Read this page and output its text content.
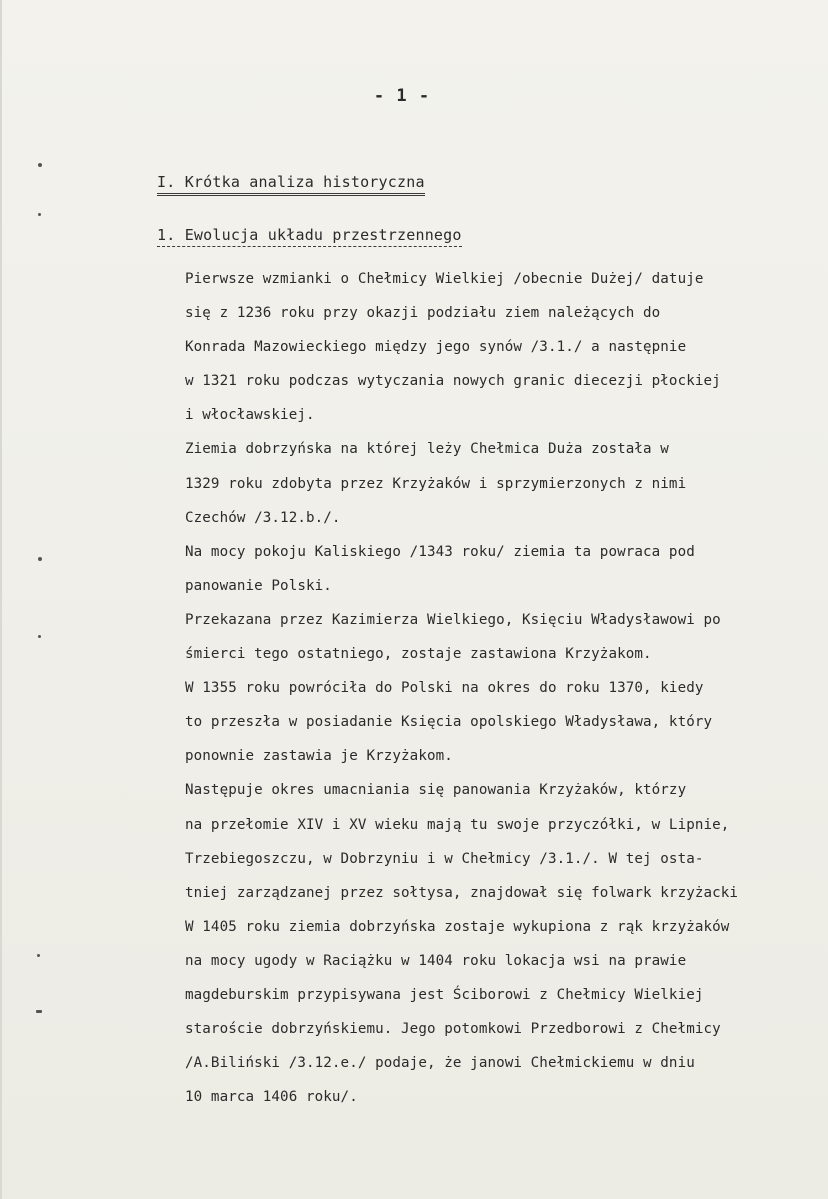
- 1 -
I. Krótka analiza historyczna
1. Ewolucja układu przestrzennego
Pierwsze wzmianki o Chełmicy Wielkiej /obecnie Dużej/ datuje
się z 1236 roku przy okazji podziału ziem należących do
Konrada Mazowieckiego między jego synów /3.1./ a następnie
w 1321 roku podczas wytyczania nowych granic diecezji płockiej
i włocławskiej.
Ziemia dobrzyńska na której leży Chełmica Duża została w
1329 roku zdobyta przez Krzyżaków i sprzymierzonych z nimi
Czechów /3.12.b./.
Na mocy pokoju Kaliskiego /1343 roku/ ziemia ta powraca pod
panowanie Polski.
Przekazana przez Kazimierza Wielkiego, Księciu Władysławowi po
śmierci tego ostatniego, zostaje zastawiona Krzyżakom.
W 1355 roku powróciła do Polski na okres do roku 1370, kiedy
to przeszła w posiadanie Księcia opolskiego Władysława, który
ponownie zastawia je Krzyżakom.
Następuje okres umacniania się panowania Krzyżaków, którzy
na przełomie XIV i XV wieku mają tu swoje przyczółki, w Lipnie,
Trzebiegoszczu, w Dobrzyniu i w Chełmicy /3.1./. W tej osta-
tniej zarządzanej przez sołtysa, znajdował się folwark krzyżacki
W 1405 roku ziemia dobrzyńska zostaje wykupiona z rąk krzyżaków
na mocy ugody w Raciążku w 1404 roku lokacja wsi na prawie
magdeburskim przypisywana jest Ściborowi z Chełmicy Wielkiej
staroście dobrzyńskiemu. Jego potomkowi Przedborowi z Chełmicy
/A.Biliński /3.12.e./ podaje, że janowi Chełmickiemu w dniu
10 marca 1406 roku/.
